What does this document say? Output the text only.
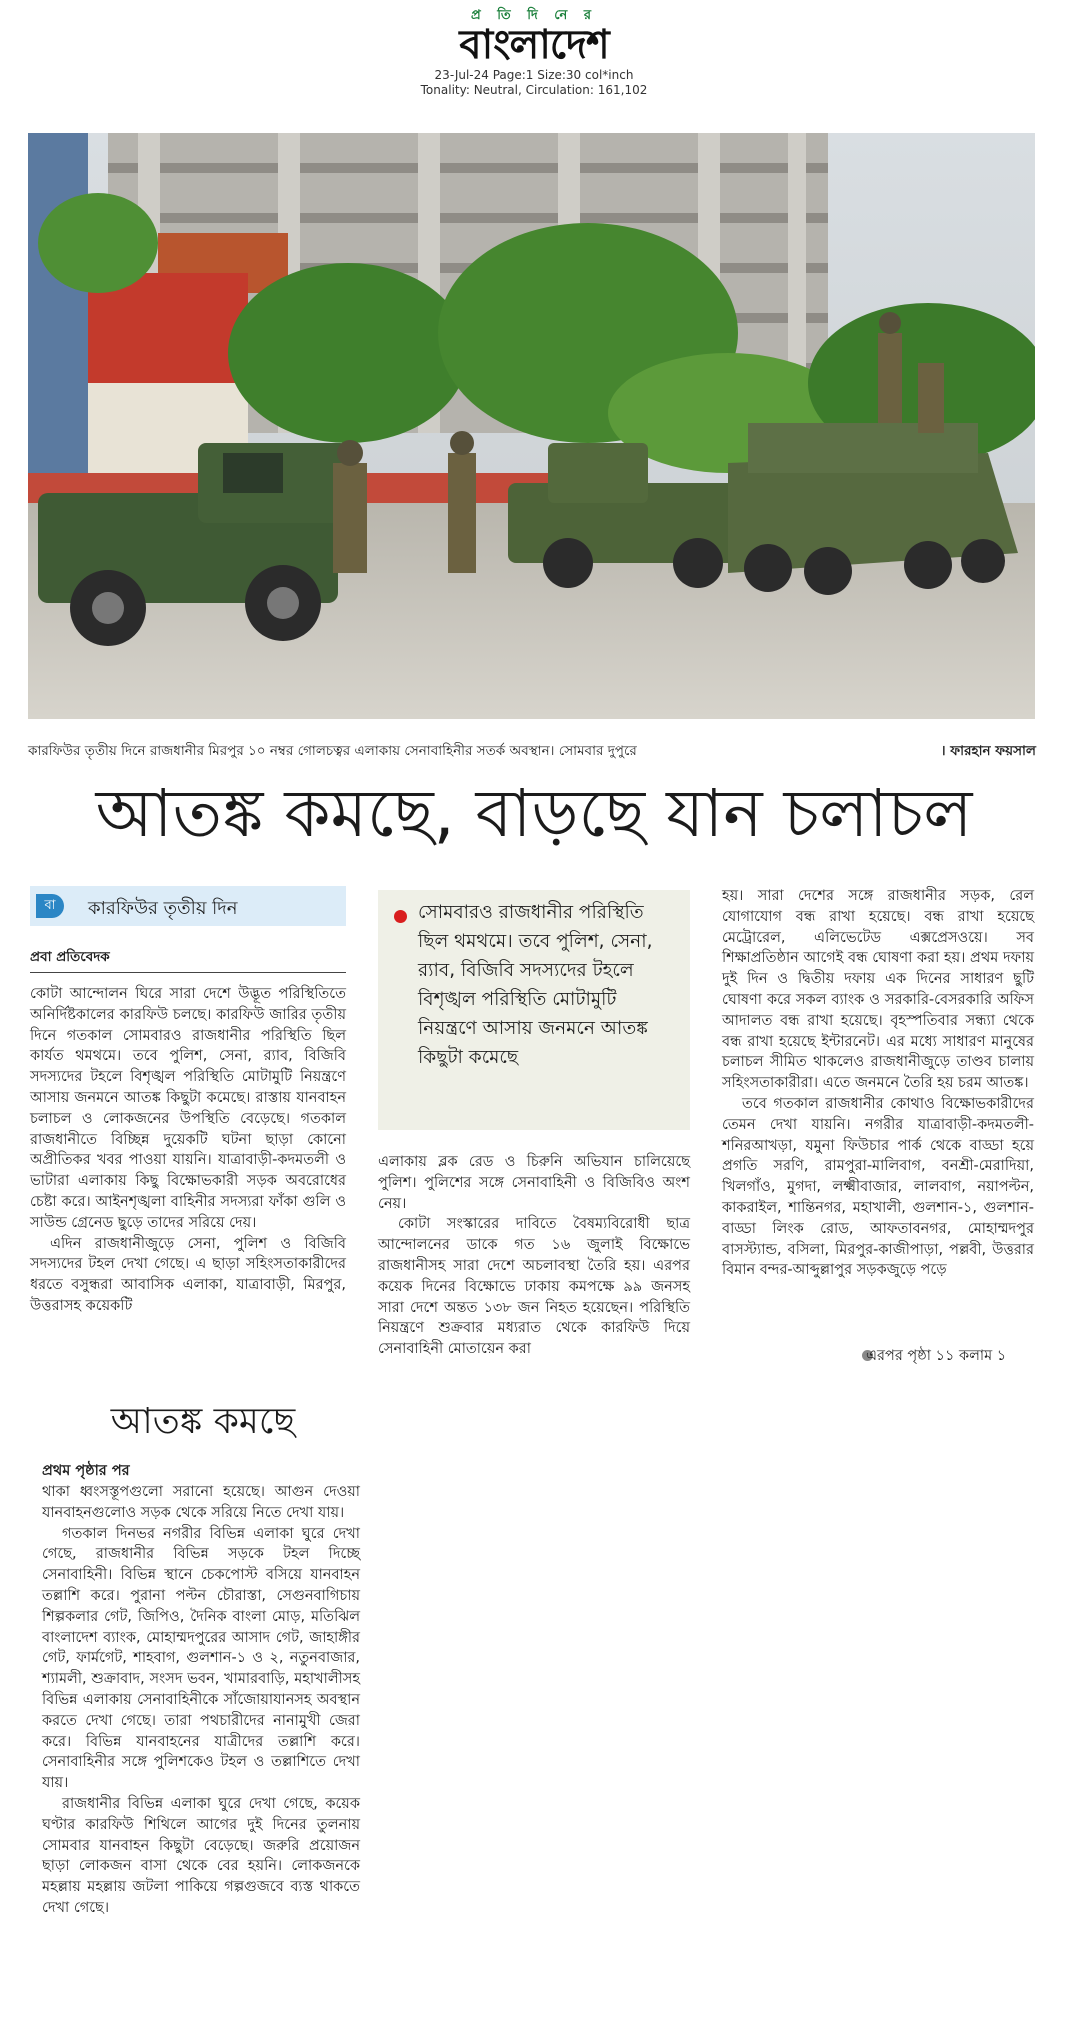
প্র তি দি নে র
বাংলাদেশ
23-Jul-24 Page:1 Size:30 col*inch
Tonality: Neutral, Circulation: 161,102
কারফিউর তৃতীয় দিনে রাজধানীর মিরপুর ১০ নম্বর গোলচত্বর এলাকায় সেনাবাহিনীর সতর্ক অবস্থান। সোমবার দুপুরে	। ফারহান ফয়সাল
আতঙ্ক কমছে, বাড়ছে যান চলাচল
বা	কারফিউর তৃতীয় দিন
প্রবা প্রতিবেদক

কোটা আন্দোলন ঘিরে সারা দেশে উদ্ভূত পরিস্থিতিতে অনির্দিষ্টকালের কারফিউ চলছে। কারফিউ জারির তৃতীয় দিনে গতকাল সোমবারও রাজধানীর পরিস্থিতি ছিল কার্যত থমথমে। তবে পুলিশ, সেনা, র‍্যাব, বিজিবি সদস্যদের টহলে বিশৃঙ্খল পরিস্থিতি মোটামুটি নিয়ন্ত্রণে আসায় জনমনে আতঙ্ক কিছুটা কমেছে। রাস্তায় যানবাহন চলাচল ও লোকজনের উপস্থিতি বেড়েছে। গতকাল রাজধানীতে বিচ্ছিন্ন দুয়েকটি ঘটনা ছাড়া কোনো অপ্রীতিকর খবর পাওয়া যায়নি। যাত্রাবাড়ী-কদমতলী ও ভাটারা এলাকায় কিছু বিক্ষোভকারী সড়ক অবরোধের চেষ্টা করে। আইনশৃঙ্খলা বাহিনীর সদস্যরা ফাঁকা গুলি ও সাউন্ড গ্রেনেড ছুড়ে তাদের সরিয়ে দেয়।

এদিন রাজধানীজুড়ে সেনা, পুলিশ ও বিজিবি সদস্যদের টহল দেখা গেছে। এ ছাড়া সহিংসতাকারীদের ধরতে বসুন্ধরা আবাসিক এলাকা, যাত্রাবাড়ী, মিরপুর, উত্তরাসহ কয়েকটি

সোমবারও রাজধানীর পরিস্থিতি ছিল থমথমে। তবে পুলিশ, সেনা, র‍্যাব, বিজিবি সদস্যদের টহলে বিশৃঙ্খল পরিস্থিতি মোটামুটি নিয়ন্ত্রণে আসায় জনমনে আতঙ্ক কিছুটা কমেছে

এলাকায় ব্লক রেড ও চিরুনি অভিযান চালিয়েছে পুলিশ। পুলিশের সঙ্গে সেনাবাহিনী ও বিজিবিও অংশ নেয়।

কোটা সংস্কারের দাবিতে বৈষম্যবিরোধী ছাত্র আন্দোলনের ডাকে গত ১৬ জুলাই বিক্ষোভে রাজধানীসহ সারা দেশে অচলাবস্থা তৈরি হয়। এরপর কয়েক দিনের বিক্ষোভে ঢাকায় কমপক্ষে ৯৯ জনসহ সারা দেশে অন্তত ১৩৮ জন নিহত হয়েছেন। পরিস্থিতি নিয়ন্ত্রণে শুক্রবার মধ্যরাত থেকে কারফিউ দিয়ে সেনাবাহিনী মোতায়েন করা

হয়। সারা দেশের সঙ্গে রাজধানীর সড়ক, রেল যোগাযোগ বন্ধ রাখা হয়েছে। বন্ধ রাখা হয়েছে মেট্রোরেল, এলিভেটেড এক্সপ্রেসওয়ে। সব শিক্ষাপ্রতিষ্ঠান আগেই বন্ধ ঘোষণা করা হয়। প্রথম দফায় দুই দিন ও দ্বিতীয় দফায় এক দিনের সাধারণ ছুটি ঘোষণা করে সকল ব্যাংক ও সরকারি-বেসরকারি অফিস আদালত বন্ধ রাখা হয়েছে। বৃহস্পতিবার সন্ধ্যা থেকে বন্ধ রাখা হয়েছে ইন্টারনেট। এর মধ্যে সাধারণ মানুষের চলাচল সীমিত থাকলেও রাজধানীজুড়ে তাণ্ডব চালায় সহিংসতাকারীরা। এতে জনমনে তৈরি হয় চরম আতঙ্ক।

তবে গতকাল রাজধানীর কোথাও বিক্ষোভকারীদের তেমন দেখা যায়নি। নগরীর যাত্রাবাড়ী-কদমতলী-শনিরআখড়া, যমুনা ফিউচার পার্ক থেকে বাড্ডা হয়ে প্রগতি সরণি, রামপুরা-মালিবাগ, বনশ্রী-মেরাদিয়া, খিলগাঁও, মুগদা, লক্ষ্মীবাজার, লালবাগ, নয়াপল্টন, কাকরাইল, শান্তিনগর, মহাখালী, গুলশান-১, গুলশান-বাড্ডা লিংক রোড, আফতাবনগর, মোহাম্মদপুর বাসস্ট্যান্ড, বসিলা, মিরপুর-কাজীপাড়া, পল্লবী, উত্তরার বিমান বন্দর-আব্দুল্লাপুর সড়কজুড়ে পড়ে

এরপর পৃষ্ঠা ১১ কলাম ১
আতঙ্ক কমছে
প্রথম পৃষ্ঠার পর

থাকা ধ্বংসস্তূপগুলো সরানো হয়েছে। আগুন দেওয়া যানবাহনগুলোও সড়ক থেকে সরিয়ে নিতে দেখা যায়।

গতকাল দিনভর নগরীর বিভিন্ন এলাকা ঘুরে দেখা গেছে, রাজধানীর বিভিন্ন সড়কে টহল দিচ্ছে সেনাবাহিনী। বিভিন্ন স্থানে চেকপোস্ট বসিয়ে যানবাহন তল্লাশি করে। পুরানা পল্টন চৌরাস্তা, সেগুনবাগিচায় শিল্পকলার গেট, জিপিও, দৈনিক বাংলা মোড়, মতিঝিল বাংলাদেশ ব্যাংক, মোহাম্মদপুরের আসাদ গেট, জাহাঙ্গীর গেট, ফার্মগেট, শাহবাগ, গুলশান-১ ও ২, নতুনবাজার, শ্যামলী, শুক্রাবাদ, সংসদ ভবন, খামারবাড়ি, মহাখালীসহ বিভিন্ন এলাকায় সেনাবাহিনীকে সাঁজোয়াযানসহ অবস্থান করতে দেখা গেছে। তারা পথচারীদের নানামুখী জেরা করে। বিভিন্ন যানবাহনের যাত্রীদের তল্লাশি করে। সেনাবাহিনীর সঙ্গে পুলিশকেও টহল ও তল্লাশিতে দেখা যায়।

রাজধানীর বিভিন্ন এলাকা ঘুরে দেখা গেছে, কয়েক ঘণ্টার কারফিউ শিথিলে আগের দুই দিনের তুলনায় সোমবার যানবাহন কিছুটা বেড়েছে। জরুরি প্রয়োজন ছাড়া লোকজন বাসা থেকে বের হয়নি। লোকজনকে মহল্লায় মহল্লায় জটলা পাকিয়ে গল্পগুজবে ব্যস্ত থাকতে দেখা গেছে।
